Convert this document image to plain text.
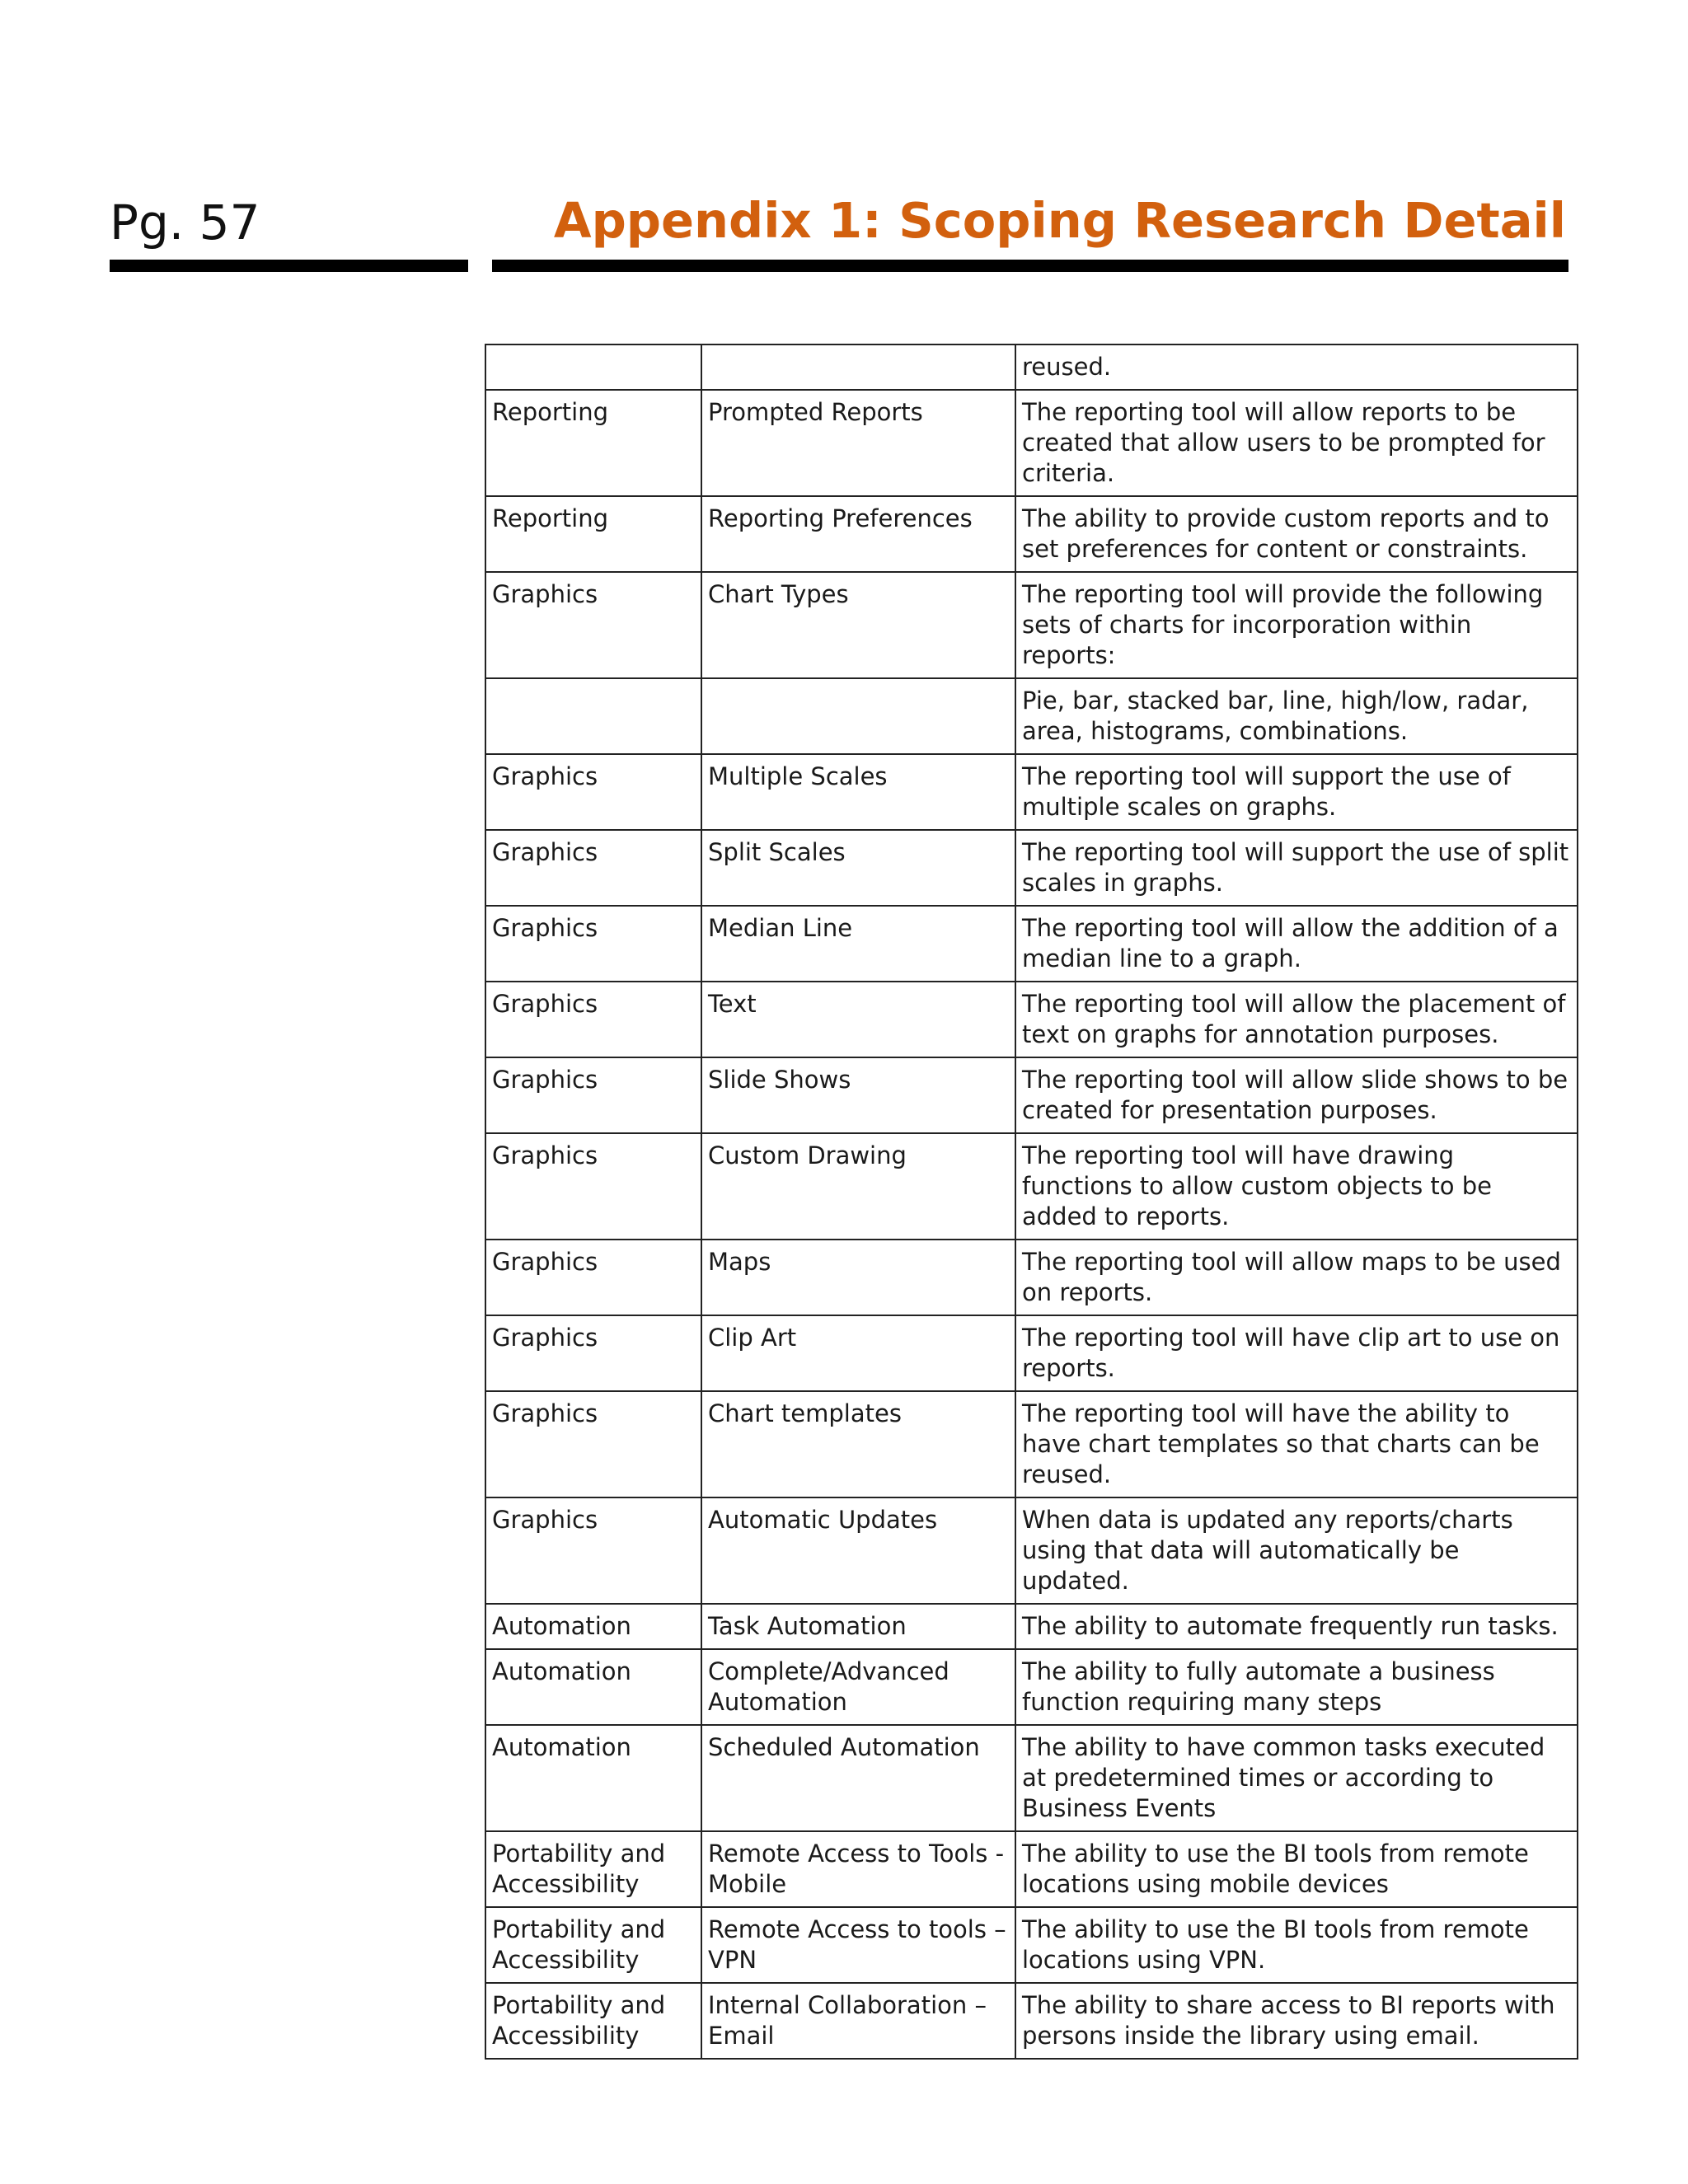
Pg. 57	Appendix 1: Scoping Research Detail
		reused.
Reporting	Prompted Reports	The reporting tool will allow reports to be created that allow users to be prompted for criteria.
Reporting	Reporting Preferences	The ability to provide custom reports and to set preferences for content or constraints.
Graphics	Chart Types	The reporting tool will provide the following sets of charts for incorporation within reports:
		Pie, bar, stacked bar, line, high/low, radar, area, histograms, combinations.
Graphics	Multiple Scales	The reporting tool will support the use of multiple scales on graphs.
Graphics	Split Scales	The reporting tool will support the use of split scales in graphs.
Graphics	Median Line	The reporting tool will allow the addition of a median line to a graph.
Graphics	Text	The reporting tool will allow the placement of text on graphs for annotation purposes.
Graphics	Slide Shows	The reporting tool will allow slide shows to be created for presentation purposes.
Graphics	Custom Drawing	The reporting tool will have drawing functions to allow custom objects to be added to reports.
Graphics	Maps	The reporting tool will allow maps to be used on reports.
Graphics	Clip Art	The reporting tool will have clip art to use on reports.
Graphics	Chart templates	The reporting tool will have the ability to have chart templates so that charts can be reused.
Graphics	Automatic Updates	When data is updated any reports/charts using that data will automatically be updated.
Automation	Task Automation	The ability to automate frequently run tasks.
Automation	Complete/Advanced Automation	The ability to fully automate a business function requiring many steps
Automation	Scheduled Automation	The ability to have common tasks executed at predetermined times or according to Business Events
Portability and Accessibility	Remote Access to Tools - Mobile	The ability to use the BI tools from remote locations using mobile devices
Portability and Accessibility	Remote Access to tools – VPN	The ability to use the BI tools from remote locations using VPN.
Portability and Accessibility	Internal Collaboration – Email	The ability to share access to BI reports with persons inside the library using email.
